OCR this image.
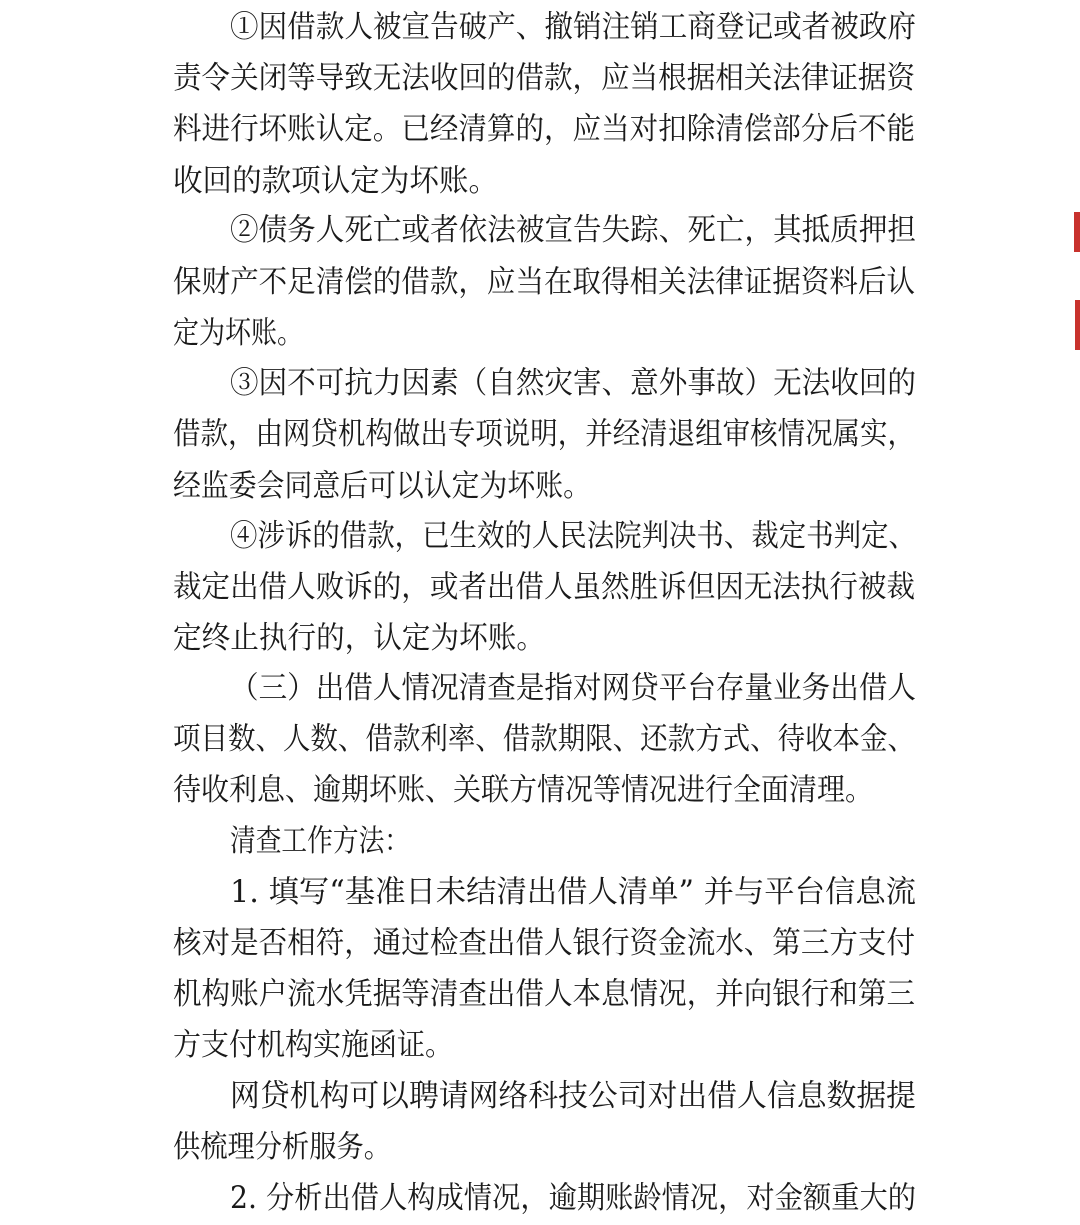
①因借款人被宣告破产、撤销注销工商登记或者被政府
责令关闭等导致无法收回的借款，应当根据相关法律证据资
料进行坏账认定。已经清算的，应当对扣除清偿部分后不能
收回的款项认定为坏账。
②债务人死亡或者依法被宣告失踪、死亡，其抵质押担
保财产不足清偿的借款，应当在取得相关法律证据资料后认
定为坏账。
③因不可抗力因素（自然灾害、意外事故）无法收回的
借款，由网贷机构做出专项说明，并经清退组审核情况属实，
经监委会同意后可以认定为坏账。
④涉诉的借款，已生效的人民法院判决书、裁定书判定、
裁定出借人败诉的，或者出借人虽然胜诉但因无法执行被裁
定终止执行的，认定为坏账。
（三）出借人情况清查是指对网贷平台存量业务出借人
项目数、人数、借款利率、借款期限、还款方式、待收本金、
待收利息、逾期坏账、关联方情况等情况进行全面清理。
清查工作方法：
1. 填写“基准日未结清出借人清单” 并与平台信息流
核对是否相符，通过检查出借人银行资金流水、第三方支付
机构账户流水凭据等清查出借人本息情况，并向银行和第三
方支付机构实施函证。
网贷机构可以聘请网络科技公司对出借人信息数据提
供梳理分析服务。
2. 分析出借人构成情况，逾期账龄情况，对金额重大的
